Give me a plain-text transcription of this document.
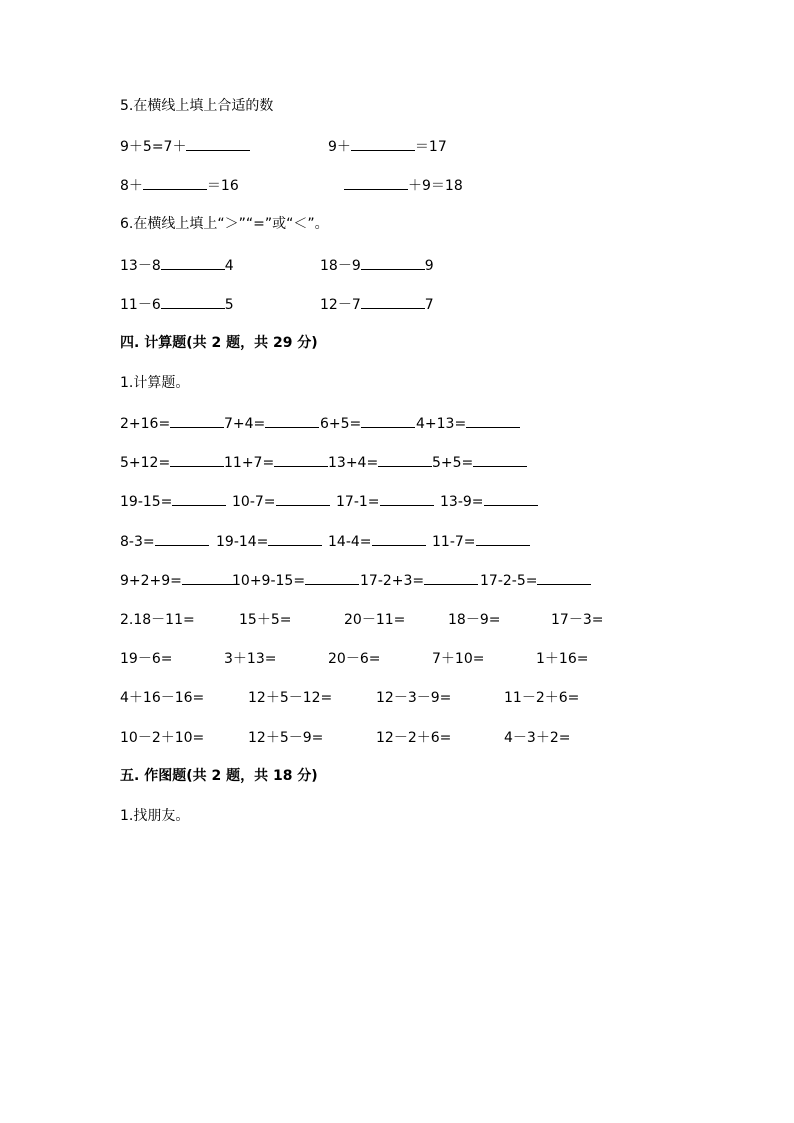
5.在横线上填上合适的数
9＋5=7＋	9＋	＝17
8＋	＝16	＋9＝18
6.在横线上填上“＞”“=”或“＜”。
13－8	4	18－9	9
11－6	5	12－7	7
四. 计算题(共 2 题，共 29 分)
1.计算题。
2+16=	7+4=	6+5=	4+13=
5+12=	11+7=	13+4=	5+5=
19-15=	10-7=	17-1=	13-9=
8-3=	19-14=	14-4=	11-7=
9+2+9=	10+9-15=	17-2+3=	17-2-5=
2.18－11=	15＋5=	20－11=	18－9=	17－3=
19－6=	3＋13=	20－6=	7＋10=	1＋16=
4＋16－16=	12＋5－12=	12－3－9=	11－2＋6=
10－2＋10=	12＋5－9=	12－2＋6=	4－3＋2=
五. 作图题(共 2 题，共 18 分)
1.找朋友。
